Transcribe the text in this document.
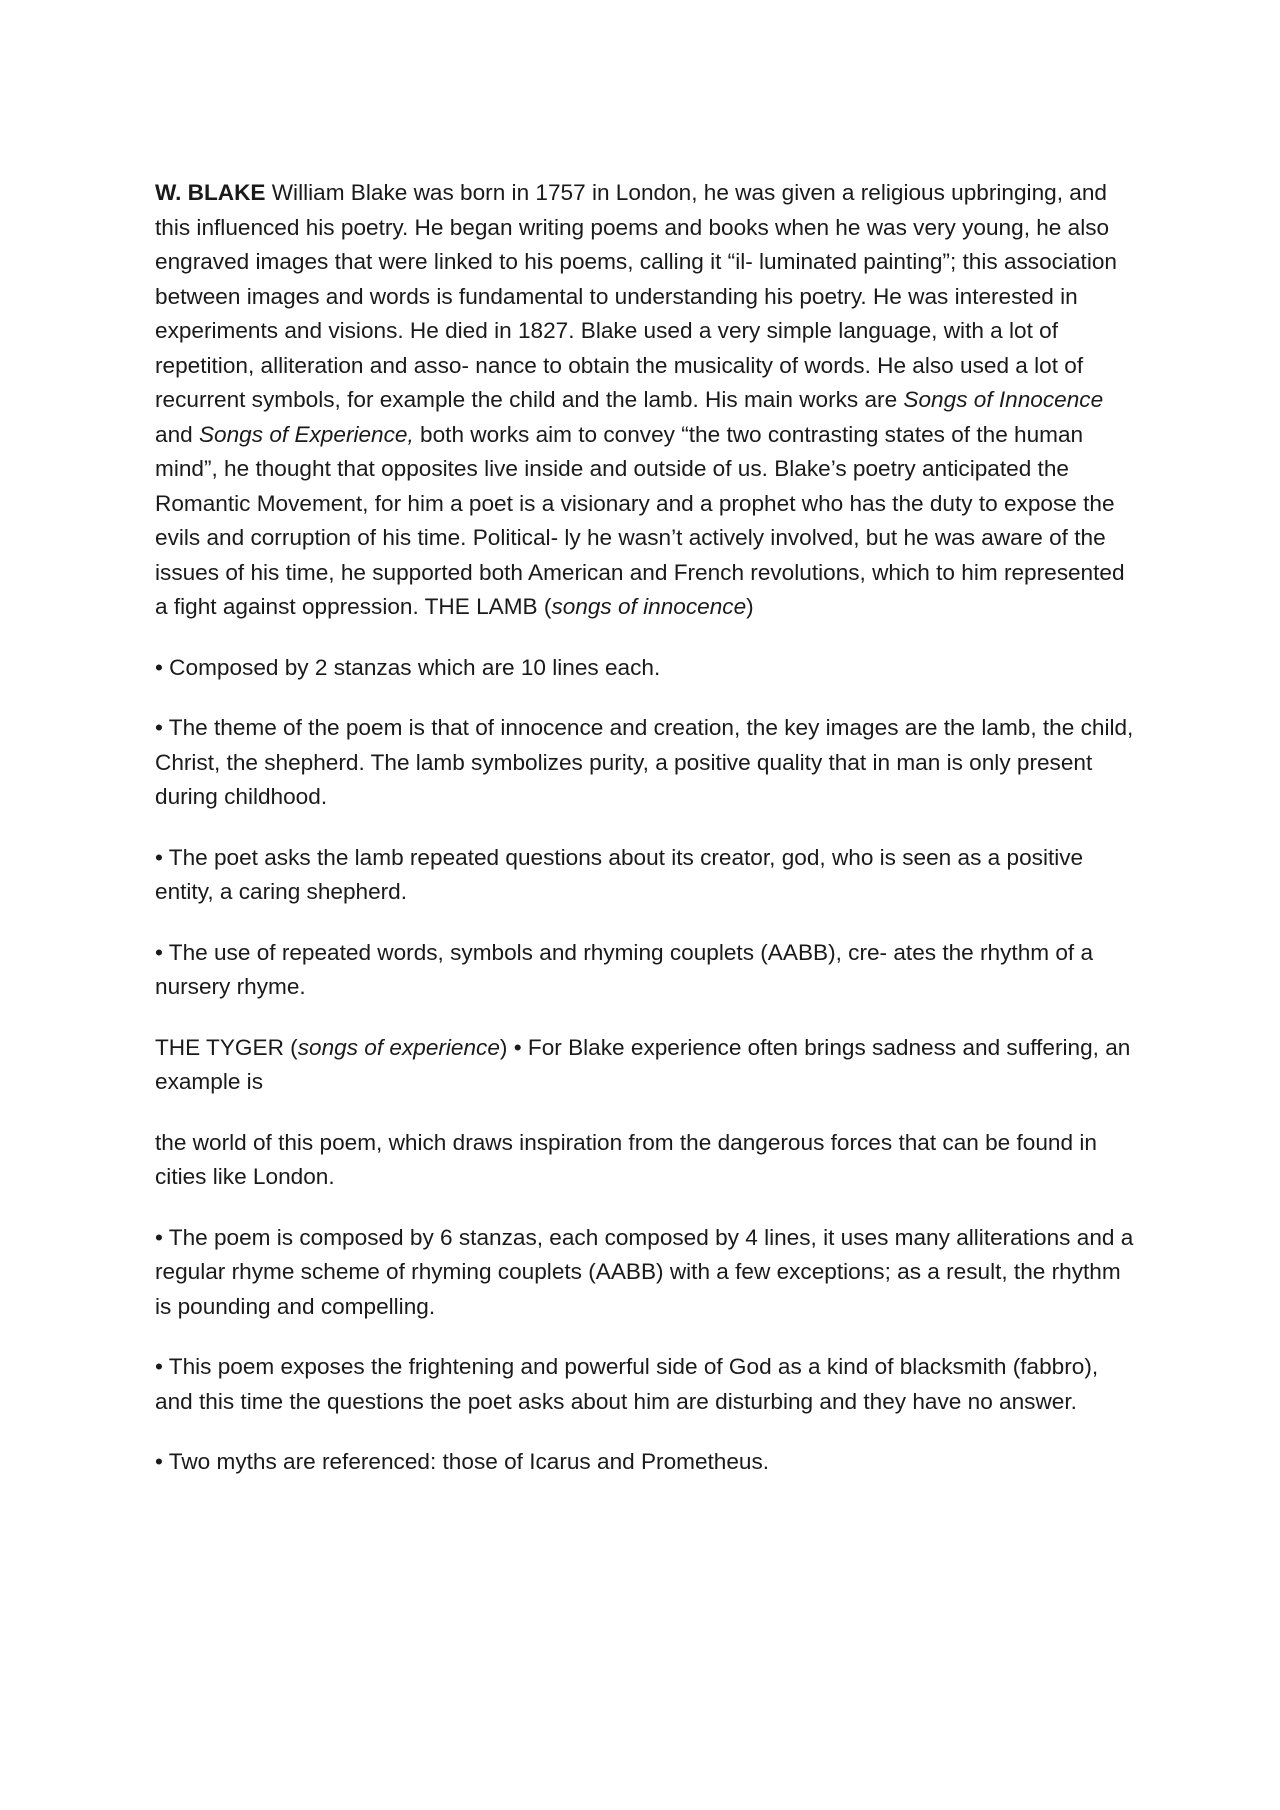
W. BLAKE William Blake was born in 1757 in London, he was given a religious upbringing, and this influenced his poetry. He began writing poems and books when he was very young, he also engraved images that were linked to his poems, calling it “il- luminated painting”; this association between images and words is fundamental to understanding his poetry. He was interested in experiments and visions. He died in 1827. Blake used a very simple language, with a lot of repetition, alliteration and asso- nance to obtain the musicality of words. He also used a lot of recurrent symbols, for example the child and the lamb. His main works are Songs of Innocence and Songs of Experience, both works aim to convey “the two contrasting states of the human mind”, he thought that opposites live inside and outside of us. Blake’s poetry anticipated the Romantic Movement, for him a poet is a visionary and a prophet who has the duty to expose the evils and corruption of his time. Political- ly he wasn’t actively involved, but he was aware of the issues of his time, he supported both American and French revolutions, which to him represented a fight against oppression. THE LAMB (songs of innocence)

• Composed by 2 stanzas which are 10 lines each.

• The theme of the poem is that of innocence and creation, the key images are the lamb, the child, Christ, the shepherd. The lamb symbolizes purity, a positive quality that in man is only present during childhood.

• The poet asks the lamb repeated questions about its creator, god, who is seen as a positive entity, a caring shepherd.

• The use of repeated words, symbols and rhyming couplets (AABB), cre- ates the rhythm of a nursery rhyme.

THE TYGER (songs of experience) • For Blake experience often brings sadness and suffering, an example is

the world of this poem, which draws inspiration from the dangerous forces that can be found in cities like London.

• The poem is composed by 6 stanzas, each composed by 4 lines, it uses many alliterations and a regular rhyme scheme of rhyming couplets (AABB) with a few exceptions; as a result, the rhythm is pounding and compelling.

• This poem exposes the frightening and powerful side of God as a kind of blacksmith (fabbro), and this time the questions the poet asks about him are disturbing and they have no answer.

• Two myths are referenced: those of Icarus and Prometheus.
